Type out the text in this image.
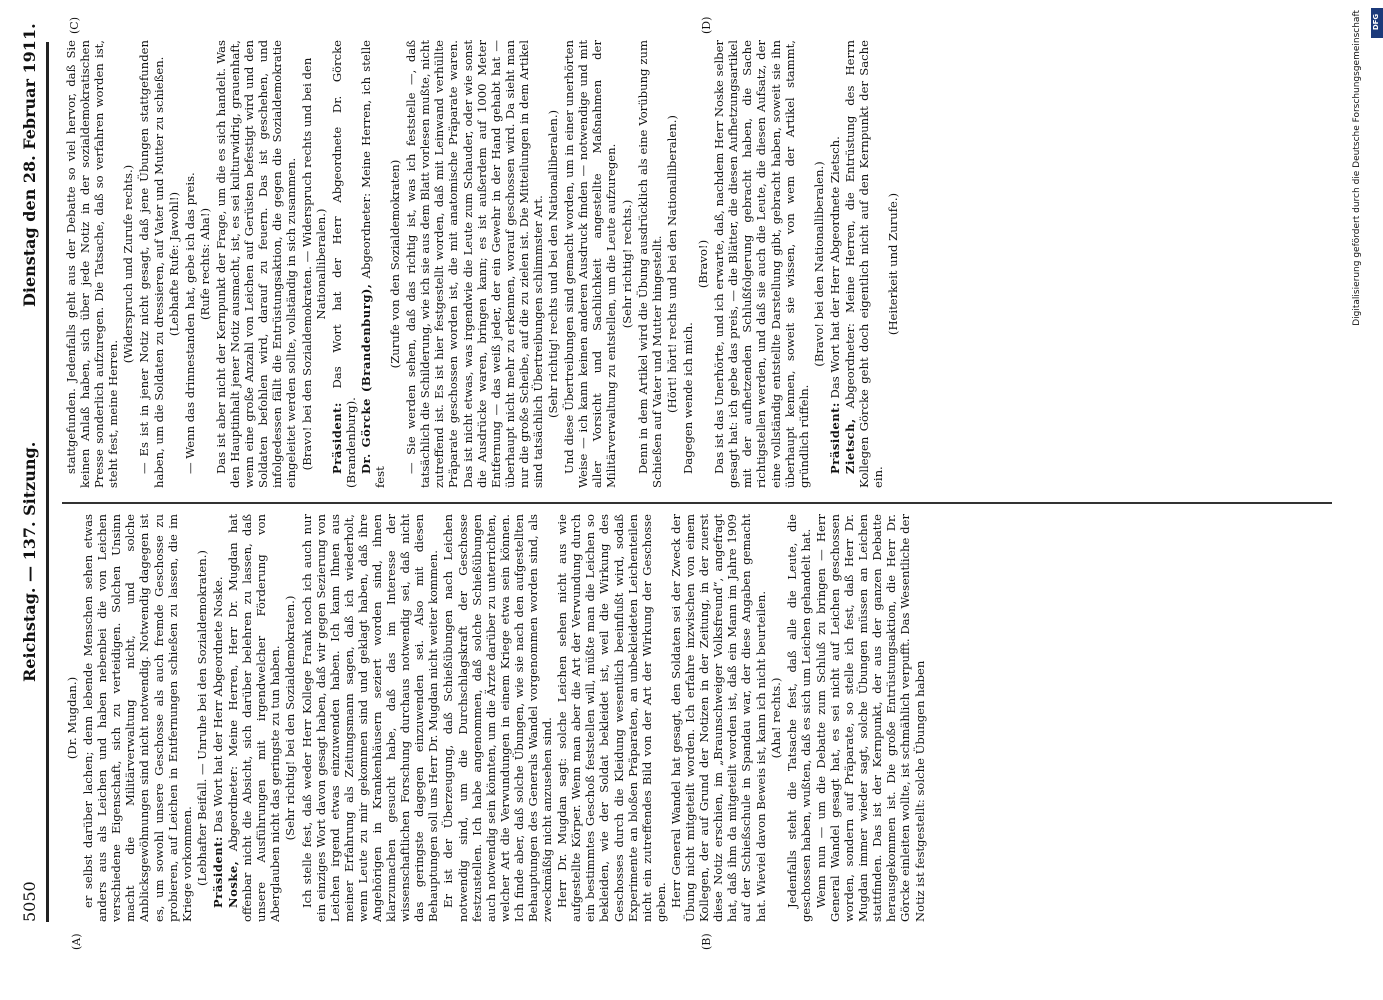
5050
Reichstag. — 137. Sitzung.
Dienstag den 28. Februar 1911.
(A)	(B)
(C)	(D)

(Dr. Mugdan.) er selbst darüber lachen; denn lebende Menschen sehen etwas anders aus als Leichen und haben nebenbei die von Leichen verschiedene Eigenschaft, sich zu verteidigen. Solchen Unsinn macht die Militärverwaltung nicht, und solche Anblicksgewöhnungen sind nicht notwendig. Notwendig dagegen ist es, um sowohl unsere Geschosse als auch fremde Geschosse zu probieren, auf Leichen in Entfernungen schießen zu lassen, die im Kriege vorkommen. (Lebhafter Beifall. — Unruhe bei den Sozialdemokraten.) Präsident: Das Wort hat der Herr Abgeordnete Noske.

Noske, Abgeordneter: Meine Herren, Herr Dr. Mugdan hat offenbar nicht die Absicht, sich darüber belehren zu lassen, daß unsere Ausführungen mit irgendwelcher Förderung von Aberglauben nicht das geringste zu tun haben. (Sehr richtig! bei den Sozialdemokraten.) Ich stelle fest, daß weder Herr Kollege Frank noch ich auch nur ein einziges Wort davon gesagt haben, daß wir gegen Sezierung von Leichen irgend etwas einzuwenden haben. Ich kann Ihnen aus meiner Erfahrung als Zeitungsmann sagen, daß ich wiederholt, wenn Leute zu mir gekommen sind und geklagt haben, daß ihre Angehörigen in Krankenhäusern seziert worden sind, ihnen klarzumachen gesucht habe, daß das im Interesse der wissenschaftlichen Forschung durchaus notwendig sei, daß nicht das geringste dagegen einzuwenden sei. Also mit diesen Behauptungen soll uns Herr Dr. Mugdan nicht weiter kommen. Er ist der Überzeugung, daß Schießübungen nach Leichen notwendig sind, um die Durchschlagskraft der Geschosse festzustellen. Ich habe angenommen, daß solche Schießübungen auch notwendig sein könnten, um die Ärzte darüber zu unterrichten, welcher Art die Verwundungen in einem Kriege etwa sein können. Ich finde aber, daß solche Übungen, wie sie nach den aufgestellten Behauptungen des Generals Wandel vorgenommen worden sind, als zweckmäßig nicht anzusehen sind. Herr Dr. Mugdan sagt: solche Leichen sehen nicht aus wie aufgestellte Körper. Wenn man aber die Art der Verwundung durch ein bestimmtes Geschoß feststellen will, müßte man die Leichen so bekleiden, wie der Soldat bekleidet ist, weil die Wirkung des Geschosses durch die Kleidung wesentlich beeinflußt wird, sodaß Experimente an bloßen Präparaten, an unbekleideten Leichenteilen nicht ein zutreffendes Bild von der Art der Wirkung der Geschosse geben. Herr General Wandel hat gesagt, den Soldaten sei der Zweck der Übung nicht mitgeteilt worden. Ich erfahre inzwischen von einem Kollegen, der auf Grund der Notizen in der Zeitung, in der zuerst diese Notiz erschien, im „Braunschweiger Volksfreund“, angefragt hat, daß ihm da mitgeteilt worden ist, daß ein Mann im Jahre 1909 auf der Schießschule in Spandau war, der diese Angaben gemacht hat. Wieviel davon Beweis ist, kann ich nicht beurteilen. (Aha! rechts.) Jedenfalls steht die Tatsache fest, daß alle die Leute, die geschossen haben, wußten, daß es sich um Leichen gehandelt hat. Wenn nun — um die Debatte zum Schluß zu bringen — Herr General Wandel gesagt hat, es sei nicht auf Leichen geschossen worden, sondern auf Präparate, so stelle ich fest, daß Herr Dr. Mugdan immer wieder sagt, solche Übungen müssen an Leichen stattfinden. Das ist der Kernpunkt, der aus der ganzen Debatte herausgekommen ist. Die große Entrüstungsaktion, die Herr Dr. Görcke einleiten wollte, ist schmählich verpufft. Das Wesentliche der Notiz ist festgestellt: solche Übungen haben

stattgefunden. Jedenfalls geht aus der Debatte so viel hervor, daß Sie keinen Anlaß haben, sich über jede Notiz in der sozialdemokratischen Presse sonderlich aufzuregen. Die Tatsache, daß so verfahren worden ist, steht fest, meine Herren.

(Widerspruch und Zurufe rechts.) — Es ist in jener Notiz nicht gesagt, daß jene Übungen stattgefunden haben, um die Soldaten zu dressieren, auf Vater und Mutter zu schießen. (Lebhafte Rufe: Jawohl!) — Wenn das drinnestanden hat, gebe ich das preis. (Rufe rechts: Aha!) Das ist aber nicht der Kernpunkt der Frage, um die es sich handelt. Was den Hauptinhalt jener Notiz ausmacht, ist, es sei kulturwidrig, grauenhaft, wenn eine große Anzahl von Leichen auf Gerüsten befestigt wird und den Soldaten befohlen wird, darauf zu feuern. Das ist geschehen, und infolgedessen fällt die Entrüstungsaktion, die gegen die Sozialdemokratie eingeleitet werden sollte, vollständig in sich zusammen. (Bravo! bei den Sozialdemokraten. — Widerspruch rechts und bei den Nationalliberalen.)

Präsident: Das Wort hat der Herr Abgeordnete Dr. Görcke (Brandenburg). Dr. Görcke (Brandenburg), Abgeordneter: Meine Herren, ich stelle fest

(Zurufe von den Sozialdemokraten) — Sie werden sehen, daß das richtig ist, was ich feststelle —, daß tatsächlich die Schilderung, wie ich sie aus dem Blatt vorlesen mußte, nicht zutreffend ist. Es ist hier festgestellt worden, daß mit Leinwand verhüllte Präparate geschossen worden ist, die mit anatomische Präparate waren. Das ist nicht etwas, was irgendwie die Leute zum Schauder, oder wie sonst die Ausdrücke waren, bringen kann; es ist außerdem auf 1000 Meter Entfernung — das weiß jeder, der ein Gewehr in der Hand gehabt hat — überhaupt nicht mehr zu erkennen, worauf geschossen wird. Da sieht man nur die große Scheibe, auf die zu zielen ist. Die Mitteilungen in dem Artikel sind tatsächlich Übertreibungen schlimmster Art. (Sehr richtig! rechts und bei den Nationalliberalen.) Und diese Übertreibungen sind gemacht worden, um in einer unerhörten Weise — ich kann keinen anderen Ausdruck finden — notwendige und mit aller Vorsicht und Sachlichkeit angestellte Maßnahmen der Militärverwaltung zu entstellen, um die Leute aufzuregen. (Sehr richtig! rechts.) Denn in dem Artikel wird die Übung ausdrücklich als eine Vorübung zum Schießen auf Vater und Mutter hingestellt. (Hört! hört! rechts und bei den Nationalliberalen.) Dagegen wende ich mich.

(Bravo!) Das ist das Unerhörte, und ich erwarte, daß, nachdem Herr Noske selber gesagt hat: ich gebe das preis, — die Blätter, die diesen Aufhetzungsartikel mit der aufhetzenden Schlußfolgerung gebracht haben, die Sache richtigstellen werden, und daß sie auch die Leute, die diesen Aufsatz, der eine vollständig entstellte Darstellung gibt, gebracht haben, soweit sie ihn überhaupt kennen, soweit sie wissen, von wem der Artikel stammt, gründlich rüffeln.

(Bravo! bei den Nationalliberalen.)

Präsident: Das Wort hat der Herr Abgeordnete Zietsch.

Zietsch, Abgeordneter: Meine Herren, die Entrüstung des Herrn Kollegen Görcke geht doch eigentlich nicht auf den Kernpunkt der Sache ein.

(Heiterkeit und Zurufe.)	Digitalisierung gefördert durch die Deutsche Forschungsgemeinschaft	DFG
